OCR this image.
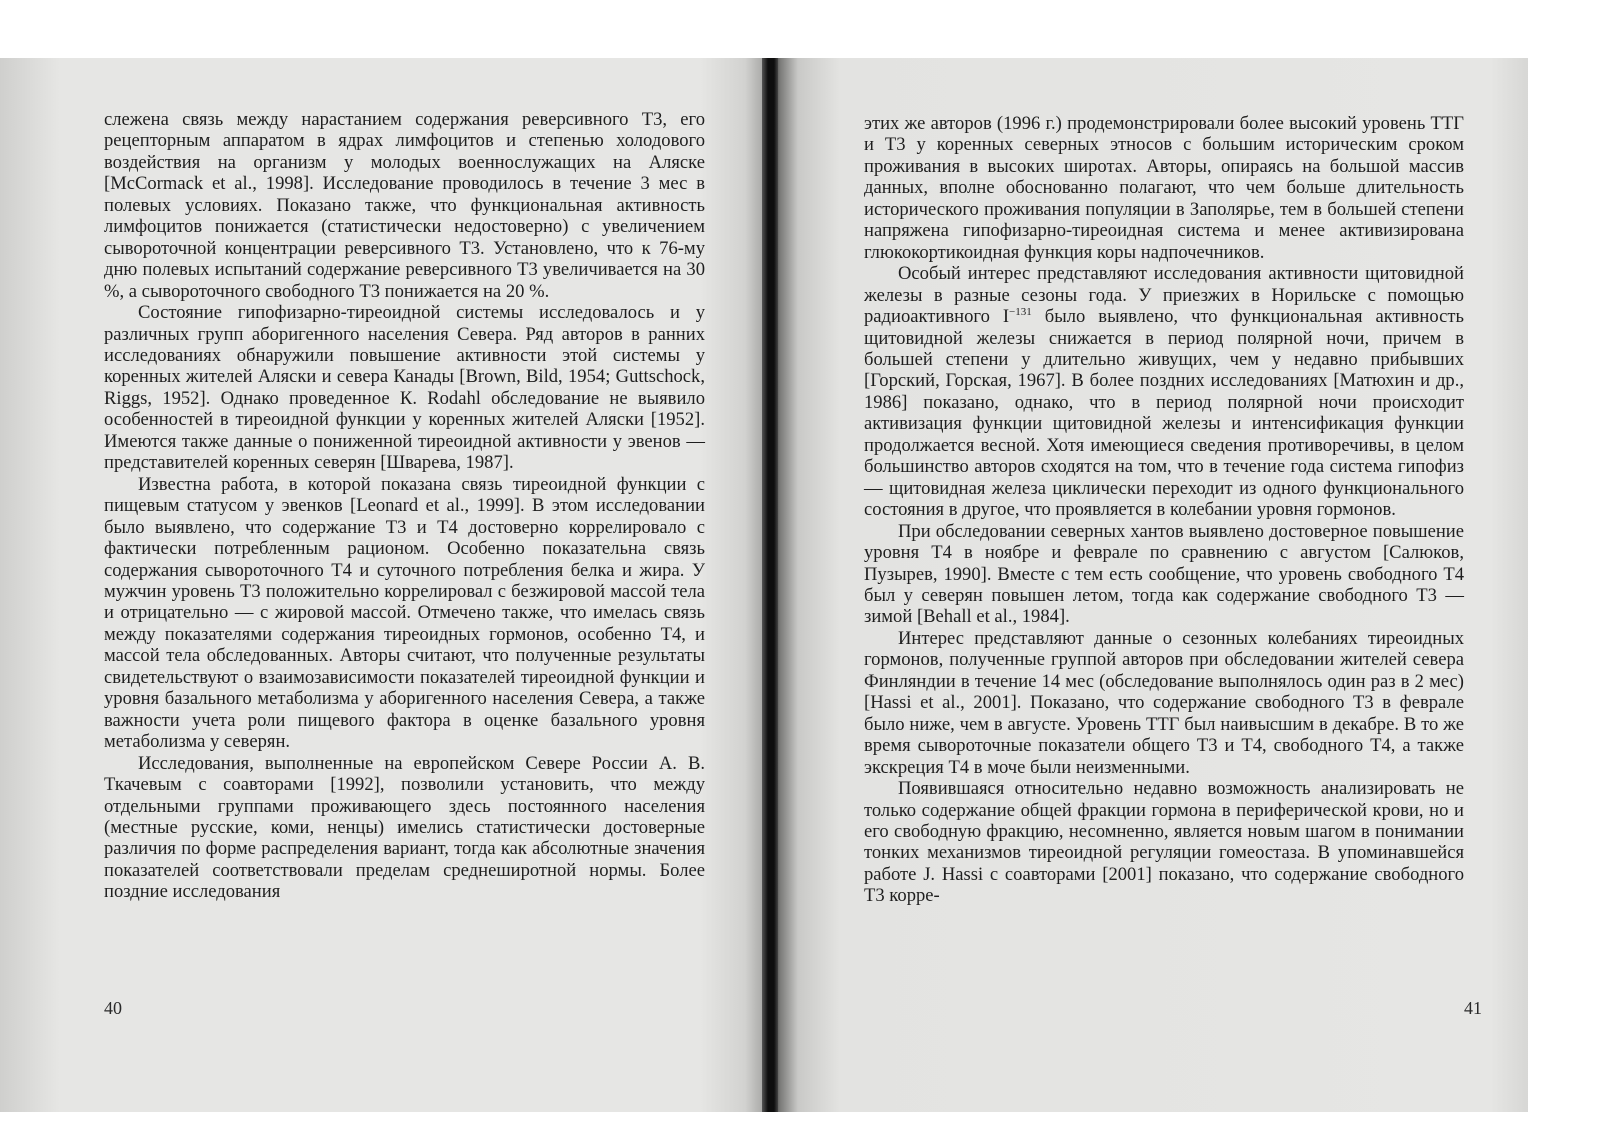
слежена связь между нарастанием содержания реверсивного Т3, его рецепторным аппаратом в ядрах лимфоцитов и степенью холодового воздействия на организм у молодых военнослужащих на Аляске [McCormack et al., 1998]. Исследование проводилось в течение 3 мес в полевых условиях. Показано также, что функциональная активность лимфоцитов понижается (статистически недостоверно) с увеличением сывороточной концентрации реверсивного Т3. Установлено, что к 76-му дню полевых испытаний содержание реверсивного Т3 увеличивается на 30 %, а сывороточного свободного Т3 понижается на 20 %.

Состояние гипофизарно-тиреоидной системы исследовалось и у различных групп аборигенного населения Севера. Ряд авторов в ранних исследованиях обнаружили повышение активности этой системы у коренных жителей Аляски и севера Канады [Brown, Bild, 1954; Guttschock, Riggs, 1952]. Однако проведенное К. Rodahl обследование не выявило особенностей в тиреоидной функции у коренных жителей Аляски [1952]. Имеются также данные о пониженной тиреоидной активности у эвенов — представителей коренных северян [Шварева, 1987].

Известна работа, в которой показана связь тиреоидной функции с пищевым статусом у эвенков [Leonard et al., 1999]. В этом исследовании было выявлено, что содержание Т3 и Т4 достоверно коррелировало с фактически потребленным рационом. Особенно показательна связь содержания сывороточного Т4 и суточного потребления белка и жира. У мужчин уровень Т3 положительно коррелировал с безжировой массой тела и отрицательно — с жировой массой. Отмечено также, что имелась связь между показателями содержания тиреоидных гормонов, особенно Т4, и массой тела обследованных. Авторы считают, что полученные результаты свидетельствуют о взаимозависимости показателей тиреоидной функции и уровня базального метаболизма у аборигенного населения Севера, а также важности учета роли пищевого фактора в оценке базального уровня метаболизма у северян.

Исследования, выполненные на европейском Севере России А. В. Ткачевым с соавторами [1992], позволили установить, что между отдельными группами проживающего здесь постоянного населения (местные русские, коми, ненцы) имелись статистически достоверные различия по форме распределения вариант, тогда как абсолютные значения показателей соответствовали пределам среднеширотной нормы. Более поздние исследования

40

этих же авторов (1996 г.) продемонстрировали более высокий уровень ТТГ и Т3 у коренных северных этносов с большим историческим сроком проживания в высоких широтах. Авторы, опираясь на большой массив данных, вполне обоснованно полагают, что чем больше длительность исторического проживания популяции в Заполярье, тем в большей степени напряжена гипофизарно-тиреоидная система и менее активизирована глюкокортикоидная функция коры надпочечников.

Особый интерес представляют исследования активности щитовидной железы в разные сезоны года. У приезжих в Норильске с помощью радиоактивного $I^{-131}$ было выявлено, что функциональная активность щитовидной железы снижается в период полярной ночи, причем в большей степени у длительно живущих, чем у недавно прибывших [Горский, Горская, 1967]. В более поздних исследованиях [Матюхин и др., 1986] показано, однако, что в период полярной ночи происходит активизация функции щитовидной железы и интенсификация функции продолжается весной. Хотя имеющиеся сведения противоречивы, в целом большинство авторов сходятся на том, что в течение года система гипофиз — щитовидная железа циклически переходит из одного функционального состояния в другое, что проявляется в колебании уровня гормонов.

При обследовании северных хантов выявлено достоверное повышение уровня Т4 в ноябре и феврале по сравнению с августом [Салюков, Пузырев, 1990]. Вместе с тем есть сообщение, что уровень свободного Т4 был у северян повышен летом, тогда как содержание свободного Т3 — зимой [Behall et al., 1984].

Интерес представляют данные о сезонных колебаниях тиреоидных гормонов, полученные группой авторов при обследовании жителей севера Финляндии в течение 14 мес (обследование выполнялось один раз в 2 мес) [Hassi et al., 2001]. Показано, что содержание свободного Т3 в феврале было ниже, чем в августе. Уровень ТТГ был наивысшим в декабре. В то же время сывороточные показатели общего Т3 и Т4, свободного Т4, а также экскреция Т4 в моче были неизменными.

Появившаяся относительно недавно возможность анализировать не только содержание общей фракции гормона в периферической крови, но и его свободную фракцию, несомненно, является новым шагом в понимании тонких механизмов тиреоидной регуляции гомеостаза. В упоминавшейся работе J. Hassi с соавторами [2001] показано, что содержание свободного Т3 корре-

41
